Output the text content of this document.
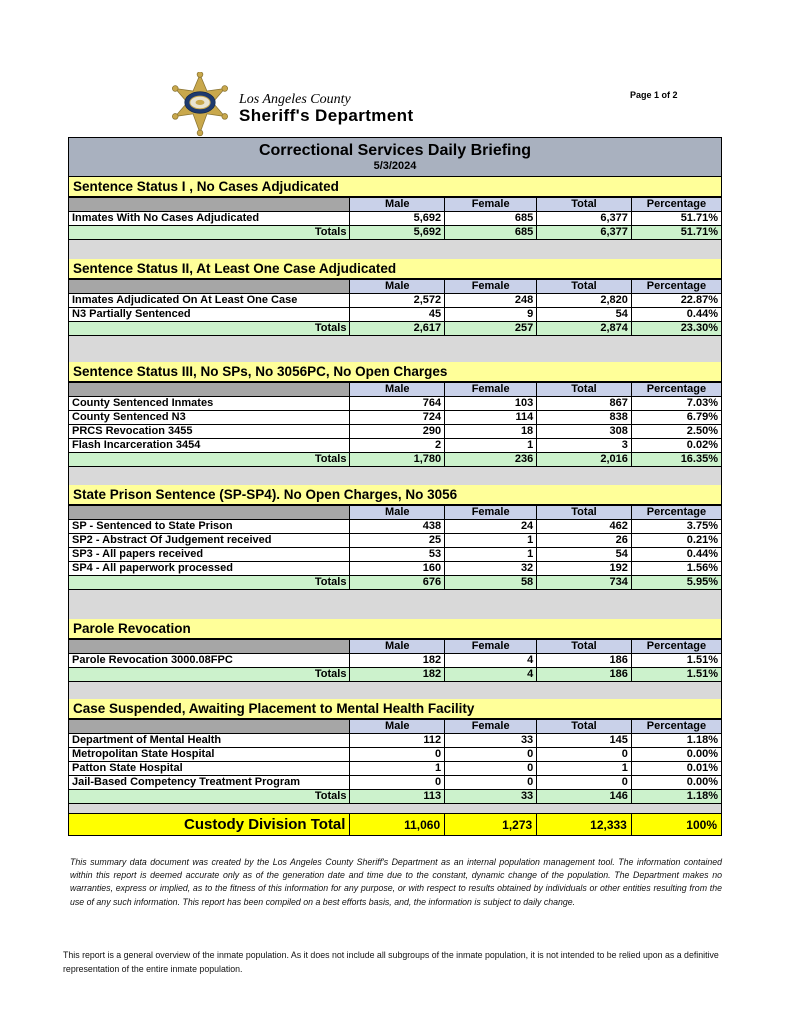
Los Angeles County
Sheriff's Department
Page 1 of 2
Correctional Services Daily Briefing
5/3/2024
Sentence Status I , No Cases Adjudicated
	Male	Female	Total	Percentage
Inmates With No Cases Adjudicated	5,692	685	6,377	51.71%
Totals	5,692	685	6,377	51.71%
Sentence Status II, At Least One Case Adjudicated
	Male	Female	Total	Percentage
Inmates Adjudicated On At Least One Case	2,572	248	2,820	22.87%
N3 Partially Sentenced	45	9	54	0.44%
Totals	2,617	257	2,874	23.30%
Sentence Status III, No SPs, No 3056PC, No Open Charges
	Male	Female	Total	Percentage
County Sentenced Inmates	764	103	867	7.03%
County Sentenced N3	724	114	838	6.79%
PRCS Revocation 3455	290	18	308	2.50%
Flash Incarceration 3454	2	1	3	0.02%
Totals	1,780	236	2,016	16.35%
State Prison Sentence (SP-SP4). No Open Charges, No 3056
	Male	Female	Total	Percentage
SP - Sentenced to State Prison	438	24	462	3.75%
SP2 - Abstract Of Judgement received	25	1	26	0.21%
SP3 - All papers received	53	1	54	0.44%
SP4 - All paperwork processed	160	32	192	1.56%
Totals	676	58	734	5.95%
Parole Revocation
	Male	Female	Total	Percentage
Parole Revocation 3000.08FPC	182	4	186	1.51%
Totals	182	4	186	1.51%
Case Suspended, Awaiting Placement to Mental Health Facility
	Male	Female	Total	Percentage
Department of Mental Health	112	33	145	1.18%
Metropolitan State Hospital	0	0	0	0.00%
Patton State Hospital	1	0	1	0.01%
Jail-Based Competency Treatment Program	0	0	0	0.00%
Totals	113	33	146	1.18%
Custody Division Total	11,060	1,273	12,333	100%
This summary data document was created by the Los Angeles County Sheriff's Department as an internal population management tool. The information contained within this report is deemed accurate only as of the generation date and time due to the constant, dynamic change of the population. The Department makes no warranties, express or implied, as to the fitness of this information for any purpose, or with respect to results obtained by individuals or other entities resulting from the use of any such information. This report has been compiled on a best efforts basis, and, the information is subject to daily change.
This report is a general overview of the inmate population. As it does not include all subgroups of the inmate population, it is not intended to be relied upon as a definitive representation of the entire inmate population.
